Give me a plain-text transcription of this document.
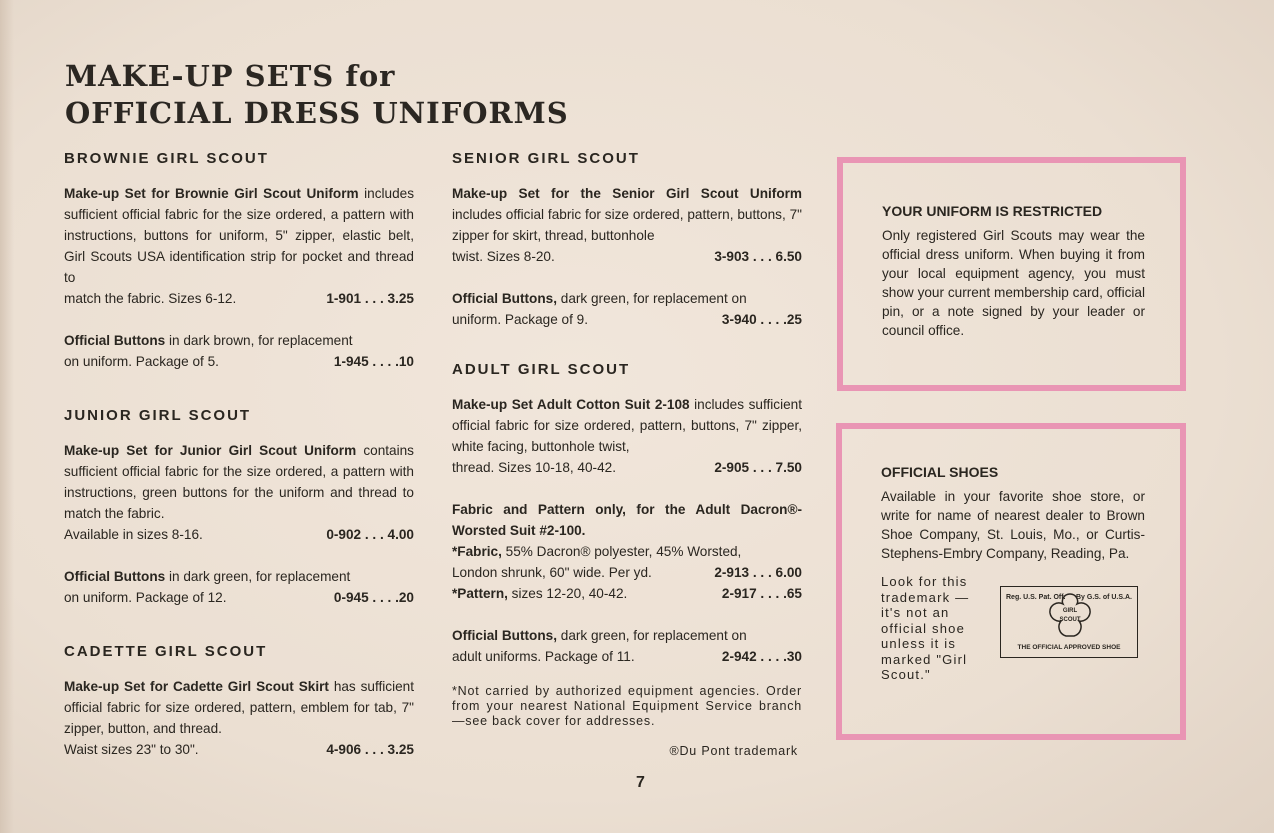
MAKE-UP SETS for
OFFICIAL DRESS UNIFORMS
BROWNIE GIRL SCOUT

Make-up Set for Brownie Girl Scout Uniform includes sufficient official fabric for the size ordered, a pattern with instructions, buttons for uniform, 5" zipper, elastic belt, Girl Scouts USA identification strip for pocket and thread to

match the fabric. Sizes 6-12.	1-901 . . . 3.25

Official Buttons in dark brown, for replacement

on uniform. Package of 5.	1-945 . . . .10
JUNIOR GIRL SCOUT

Make-up Set for Junior Girl Scout Uniform contains sufficient official fabric for the size ordered, a pattern with instructions, green buttons for the uniform and thread to match the fabric.

Available in sizes 8-16.	0-902 . . . 4.00

Official Buttons in dark green, for replacement

on uniform. Package of 12.	0-945 . . . .20
CADETTE GIRL SCOUT

Make-up Set for Cadette Girl Scout Skirt has sufficient official fabric for size ordered, pattern, emblem for tab, 7" zipper, button, and thread.

Waist sizes 23" to 30".	4-906 . . . 3.25
SENIOR GIRL SCOUT

Make-up Set for the Senior Girl Scout Uniform includes official fabric for size ordered, pattern, buttons, 7" zipper for skirt, thread, buttonhole

twist. Sizes 8-20.	3-903 . . . 6.50

Official Buttons, dark green, for replacement on

uniform. Package of 9.	3-940 . . . .25
ADULT GIRL SCOUT

Make-up Set Adult Cotton Suit 2-108 includes sufficient official fabric for size ordered, pattern, buttons, 7" zipper, white facing, buttonhole twist,

thread. Sizes 10-18, 40-42.	2-905 . . . 7.50

Fabric and Pattern only, for the Adult Dacron®-Worsted Suit #2-100.

*Fabric, 55% Dacron® polyester, 45% Worsted,

London shrunk, 60" wide. Per yd.	2-913 . . . 6.00
*Pattern, sizes 12-20, 40-42.	2-917 . . . .65

Official Buttons, dark green, for replacement on

adult uniforms. Package of 11.	2-942 . . . .30

*Not carried by authorized equipment agencies. Order from your nearest National Equipment Service branch—see back cover for addresses.

®Du Pont trademark
YOUR UNIFORM IS RESTRICTED

Only registered Girl Scouts may wear the official dress uniform. When buying it from your local equipment agency, you must show your current membership card, official pin, or a note signed by your leader or council office.

OFFICIAL SHOES

Available in your favorite shoe store, or write for name of nearest dealer to Brown Shoe Company, St. Louis, Mo., or Curtis-Stephens-Embry Company, Reading, Pa.

Look for this trademark — it's not an official shoe unless it is marked "Girl Scout."
Reg. U.S. Pat. Off. By G.S. of U.S.A.
GIRL
SCOUT
THE OFFICIAL APPROVED SHOE
7
